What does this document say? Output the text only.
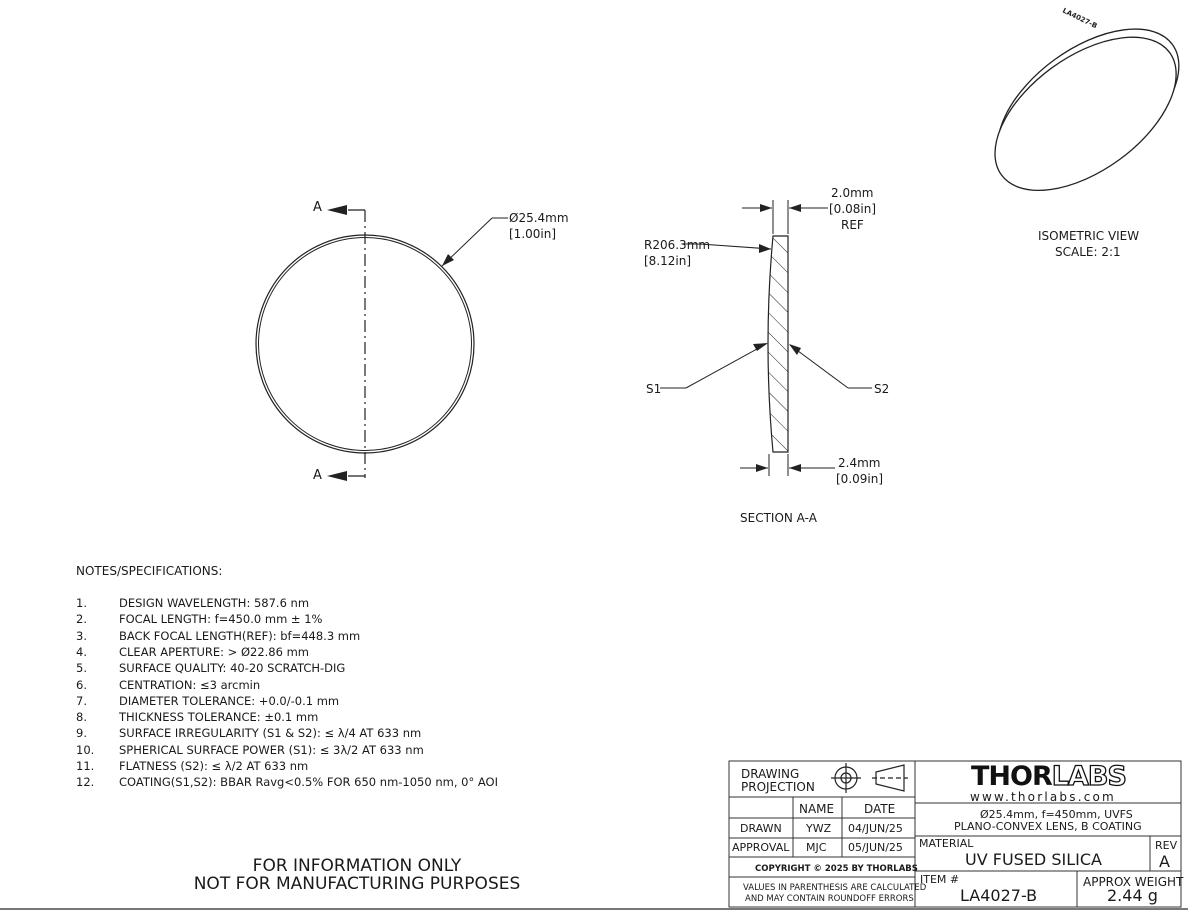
A
A
Ø25.4mm
[1.00in]
2.0mm
[0.08in]
REF
R206.3mm
[8.12in]
S1	S2
2.4mm
[0.09in]
SECTION A-A
LA4027-B
ISOMETRIC VIEW
SCALE: 2:1
NOTES/SPECIFICATIONS:
1.	DESIGN WAVELENGTH: 587.6 nm
2.	FOCAL LENGTH: f=450.0 mm ± 1%
3.	BACK FOCAL LENGTH(REF): bf=448.3 mm
4.	CLEAR APERTURE: > Ø22.86 mm
5.	SURFACE QUALITY: 40-20 SCRATCH-DIG
6.	CENTRATION: ≤3 arcmin
7.	DIAMETER TOLERANCE: +0.0/-0.1 mm
8.	THICKNESS TOLERANCE: ±0.1 mm
9.	SURFACE IRREGULARITY (S1 & S2): ≤ λ/4 AT 633 nm
10. SPHERICAL SURFACE POWER (S1): ≤ 3λ/2 AT 633 nm
11. FLATNESS (S2): ≤ λ/2 AT 633 nm
12. COATING(S1,S2): BBAR Ravg<0.5% FOR 650 nm-1050 nm, 0° AOI
FOR INFORMATION ONLY
NOT FOR MANUFACTURING PURPOSES
DRAWING
PROJECTION
NAME DATE
DRAWN YWZ 04/JUN/25
APPROVAL MJC 05/JUN/25
COPYRIGHT © 2025 BY THORLABS
VALUES IN PARENTHESIS ARE CALCULATED
AND MAY CONTAIN ROUNDOFF ERRORS
THORLABS
www.thorlabs.com
Ø25.4mm, f=450mm, UVFS
PLANO-CONVEX LENS, B COATING
MATERIAL
UV FUSED SILICA
REV
A
ITEM #
LA4027-B
APPROX WEIGHT
2.44 g
